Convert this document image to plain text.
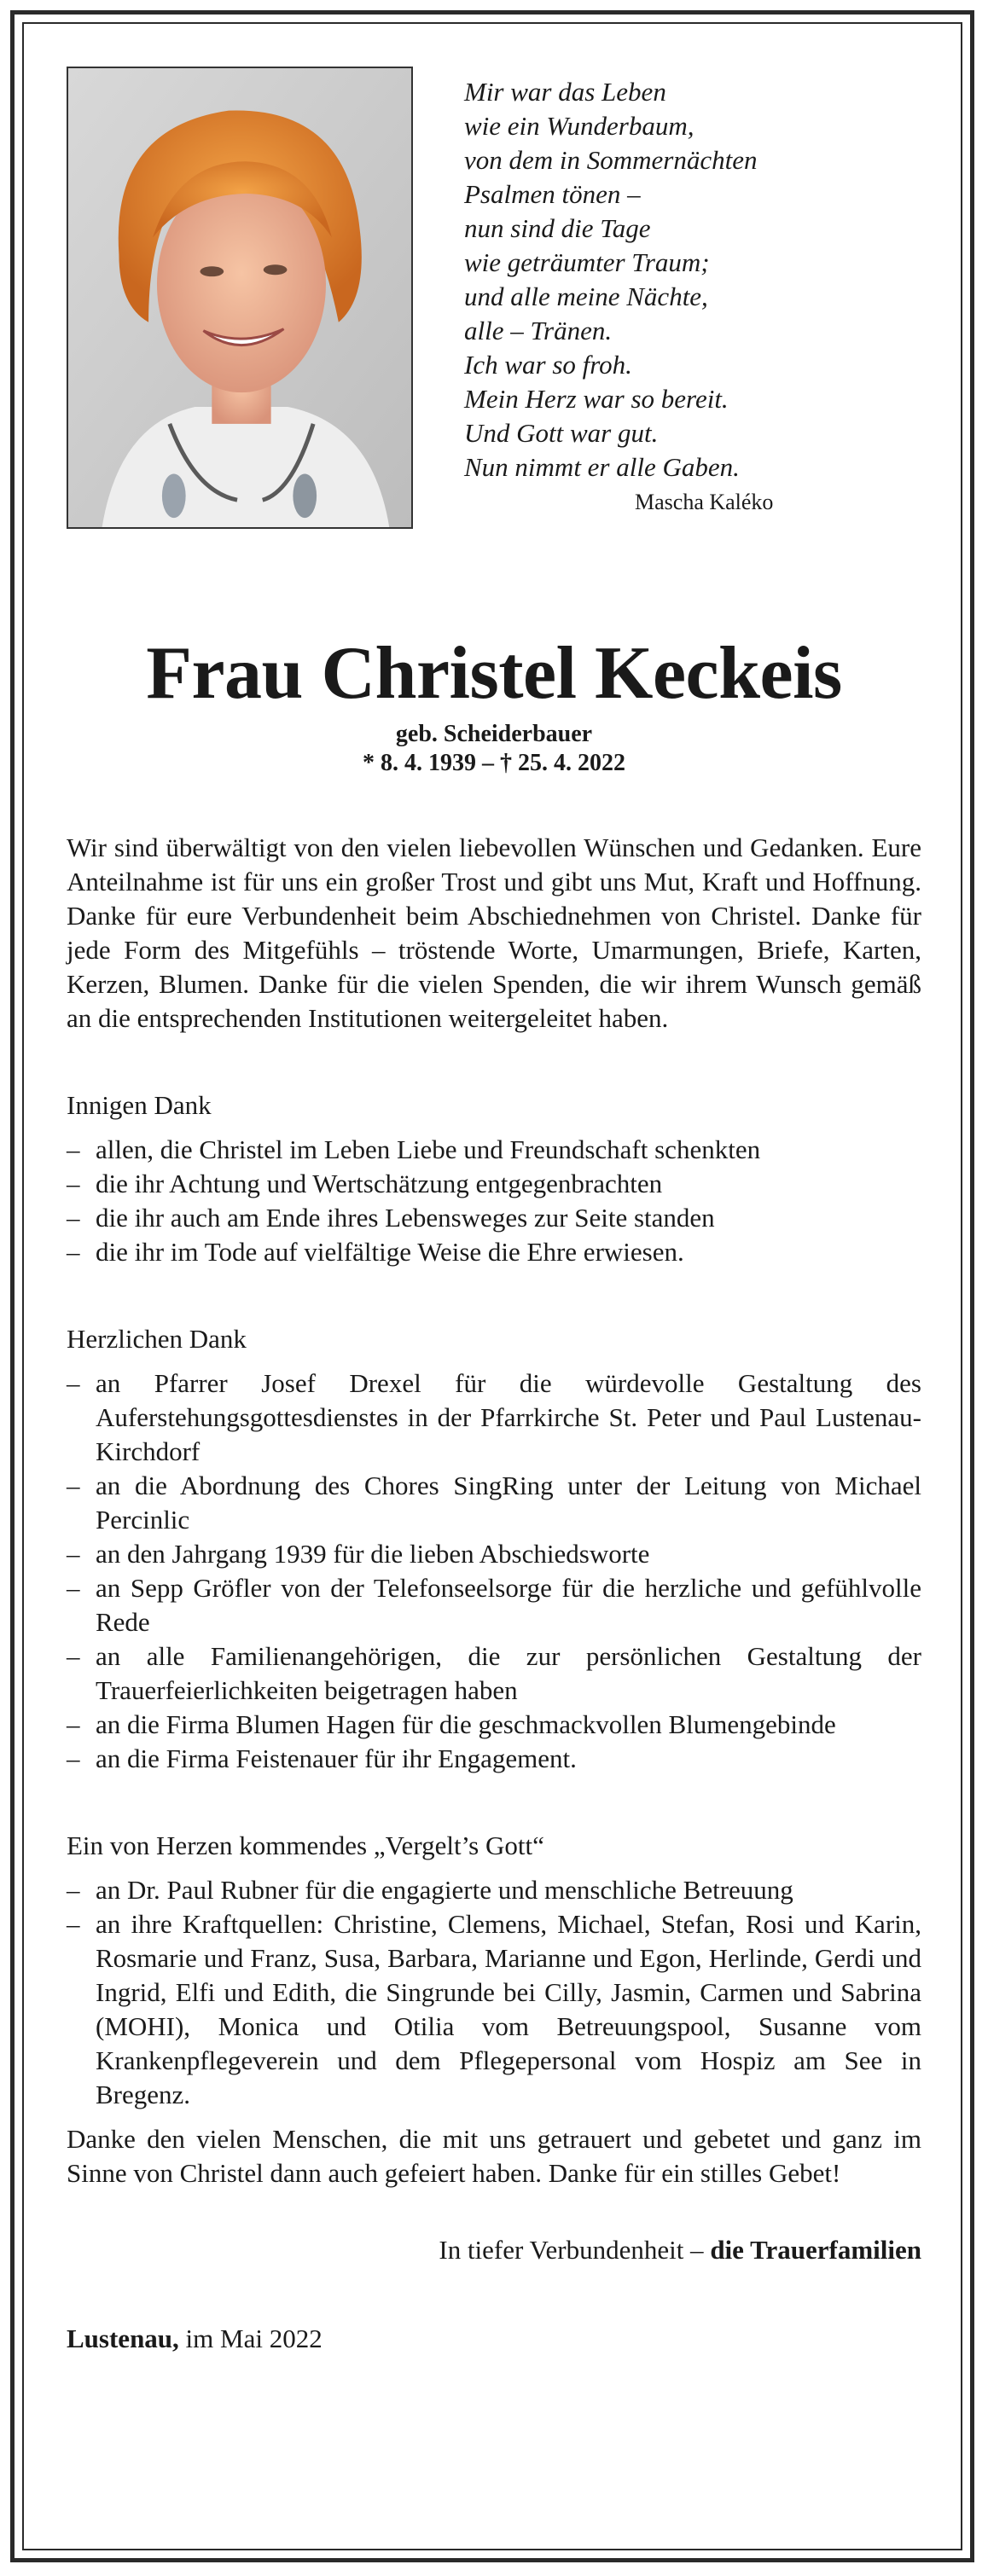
Mir war das Leben
wie ein Wunderbaum,
von dem in Sommernächten
Psalmen tönen –
nun sind die Tage
wie geträumter Traum;
und alle meine Nächte,
alle – Tränen.
Ich war so froh.
Mein Herz war so bereit.
Und Gott war gut.
Nun nimmt er alle Gaben.
Mascha Kaléko
Frau Christel Keckeis
geb. Scheiderbauer
* 8. 4. 1939 – † 25. 4. 2022
Wir sind überwältigt von den vielen liebevollen Wünschen und Gedanken. Eure Anteilnahme ist für uns ein großer Trost und gibt uns Mut, Kraft und Hoffnung. Danke für eure Verbundenheit beim Abschiednehmen von Christel. Danke für jede Form des Mitgefühls – tröstende Worte, Umarmungen, Briefe, Karten, Kerzen, Blumen. Danke für die vielen Spenden, die wir ihrem Wunsch gemäß an die entsprechenden Institutionen weitergeleitet haben.
Innigen Dank
– allen, die Christel im Leben Liebe und Freundschaft schenkten
– die ihr Achtung und Wertschätzung entgegenbrachten
– die ihr auch am Ende ihres Lebensweges zur Seite standen
– die ihr im Tode auf vielfältige Weise die Ehre erwiesen.
Herzlichen Dank
– an Pfarrer Josef Drexel für die würdevolle Gestaltung des Auferstehungsgottesdienstes in der Pfarrkirche St. Peter und Paul Lustenau-Kirchdorf
– an die Abordnung des Chores SingRing unter der Leitung von Michael Percinlic
– an den Jahrgang 1939 für die lieben Abschiedsworte
– an Sepp Gröfler von der Telefonseelsorge für die herzliche und gefühlvolle Rede
– an alle Familienangehörigen, die zur persönlichen Gestaltung der Trauerfeierlichkeiten beigetragen haben
– an die Firma Blumen Hagen für die geschmackvollen Blumengebinde
– an die Firma Feistenauer für ihr Engagement.
Ein von Herzen kommendes „Vergelt’s Gott“
– an Dr. Paul Rubner für die engagierte und menschliche Betreuung
– an ihre Kraftquellen: Christine, Clemens, Michael, Stefan, Rosi und Karin, Rosmarie und Franz, Susa, Barbara, Marianne und Egon, Herlinde, Gerdi und Ingrid, Elfi und Edith, die Singrunde bei Cilly, Jasmin, Carmen und Sabrina (MOHI), Monica und Otilia vom Betreuungspool, Susanne vom Krankenpflegeverein und dem Pflegepersonal vom Hospiz am See in Bregenz.
Danke den vielen Menschen, die mit uns getrauert und gebetet und ganz im Sinne von Christel dann auch gefeiert haben. Danke für ein stilles Gebet!
In tiefer Verbundenheit – die Trauerfamilien
Lustenau, im Mai 2022
